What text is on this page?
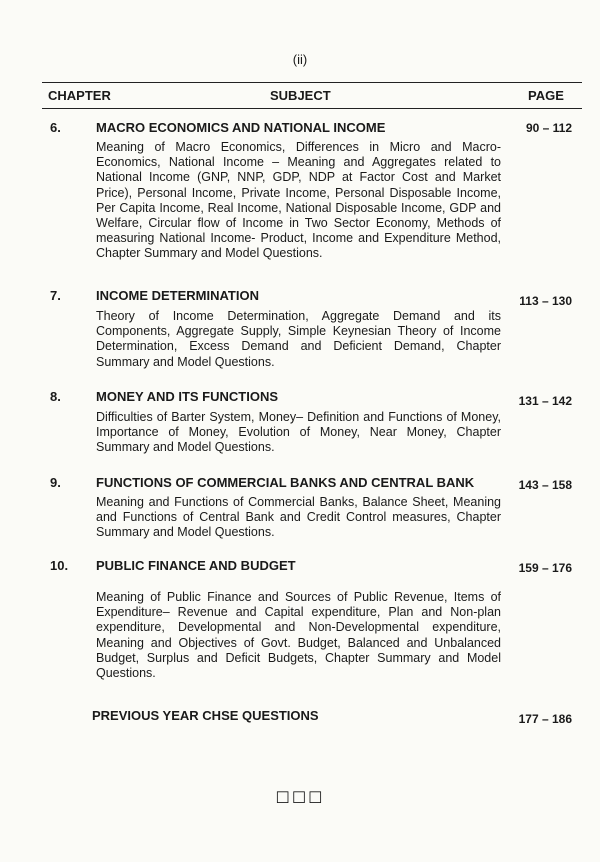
(ii)
CHAPTER	SUBJECT	PAGE
6.	MACRO ECONOMICS AND NATIONAL INCOME	90 – 112
Meaning of Macro Economics, Differences in Micro and Macro-Economics, National Income – Meaning and Aggregates related to National Income (GNP, NNP, GDP, NDP at Factor Cost and Market Price), Personal Income, Private Income, Personal Disposable Income, Per Capita Income, Real Income, National Disposable Income, GDP and Welfare, Circular flow of Income in Two Sector Economy, Methods of measuring National Income- Product, Income and Expenditure Method, Chapter Summary and Model Questions.
7.	INCOME DETERMINATION	113 – 130
Theory of Income Determination, Aggregate Demand and its Components, Aggregate Supply, Simple Keynesian Theory of Income Determination, Excess Demand and Deficient Demand, Chapter Summary and Model Questions.
8.	MONEY AND ITS FUNCTIONS	131 – 142
Difficulties of Barter System, Money– Definition and Functions of Money, Importance of Money, Evolution of Money, Near Money, Chapter Summary and Model Questions.
9.	FUNCTIONS OF COMMERCIAL BANKS AND CENTRAL BANK	143 – 158
Meaning and Functions of Commercial Banks, Balance Sheet, Meaning and Functions of Central Bank and Credit Control measures, Chapter Summary and Model Questions.
10. PUBLIC FINANCE AND BUDGET	159 – 176
Meaning of Public Finance and Sources of Public Revenue, Items of Expenditure– Revenue and Capital expenditure, Plan and Non-plan expenditure, Developmental and Non-Developmental expenditure, Meaning and Objectives of Govt. Budget, Balanced and Unbalanced Budget, Surplus and Deficit Budgets, Chapter Summary and Model Questions.
PREVIOUS YEAR CHSE QUESTIONS	177 – 186
☐☐☐
